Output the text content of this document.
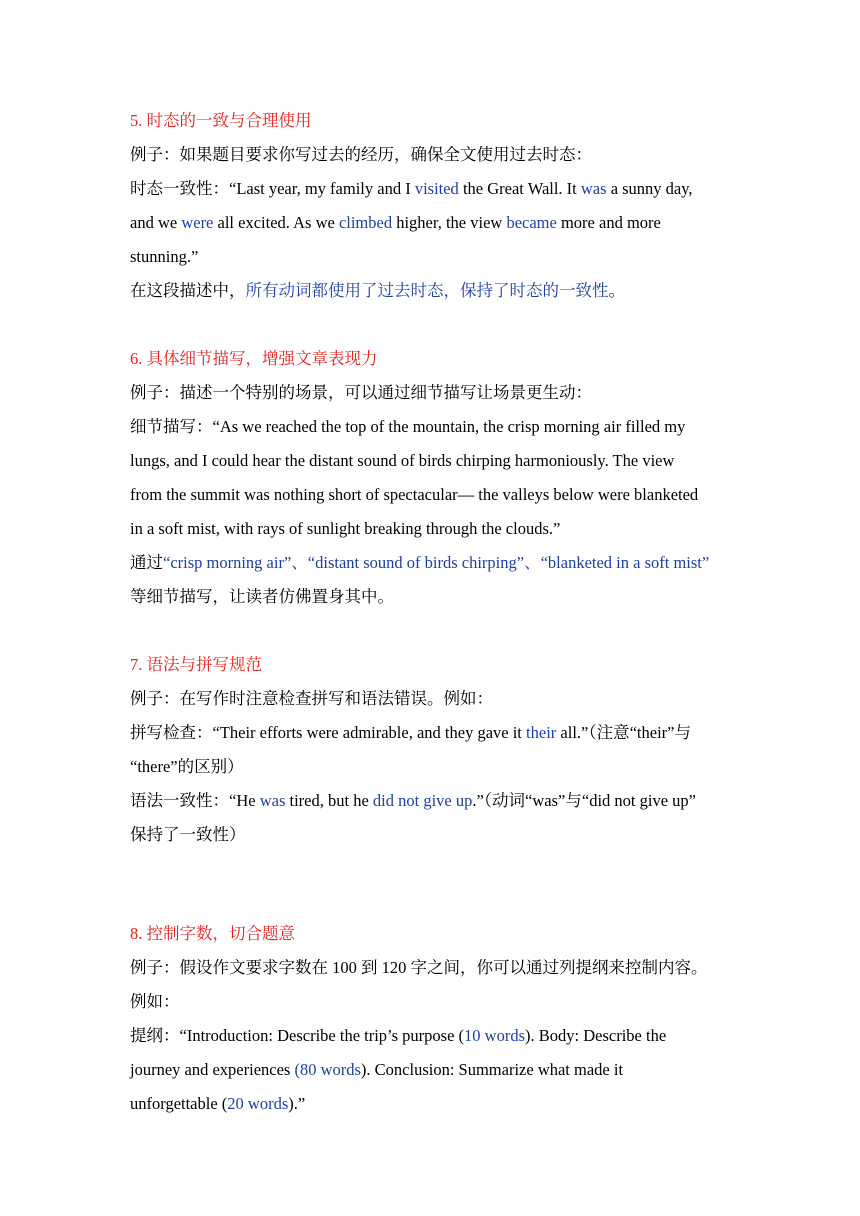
5. 时态的一致与合理使用
例子：如果题目要求你写过去的经历，确保全文使用过去时态：
时态一致性：“Last year, my family and I visited the Great Wall. It was a sunny day,
and we were all excited. As we climbed higher, the view became more and more
stunning.”
在这段描述中，所有动词都使用了过去时态，保持了时态的一致性。
6. 具体细节描写，增强文章表现力
例子：描述一个特别的场景，可以通过细节描写让场景更生动：
细节描写：“As we reached the top of the mountain, the crisp morning air filled my
lungs, and I could hear the distant sound of birds chirping harmoniously. The view
from the summit was nothing short of spectacular— the valleys below were blanketed
in a soft mist, with rays of sunlight breaking through the clouds.”
通过“crisp morning air”、“distant sound of birds chirping”、“blanketed in a soft mist”
等细节描写，让读者仿佛置身其中。
7. 语法与拼写规范
例子：在写作时注意检查拼写和语法错误。例如：
拼写检查：“Their efforts were admirable, and they gave it their all.”（注意“their”与
“there”的区别）
语法一致性：“He was tired, but he did not give up.”（动词“was”与“did not give up”
保持了一致性）
8. 控制字数，切合题意
例子：假设作文要求字数在 100 到 120 字之间，你可以通过列提纲来控制内容。
例如：
提纲：“Introduction: Describe the trip’s purpose (10 words). Body: Describe the
journey and experiences (80 words). Conclusion: Summarize what made it
unforgettable (20 words).”
